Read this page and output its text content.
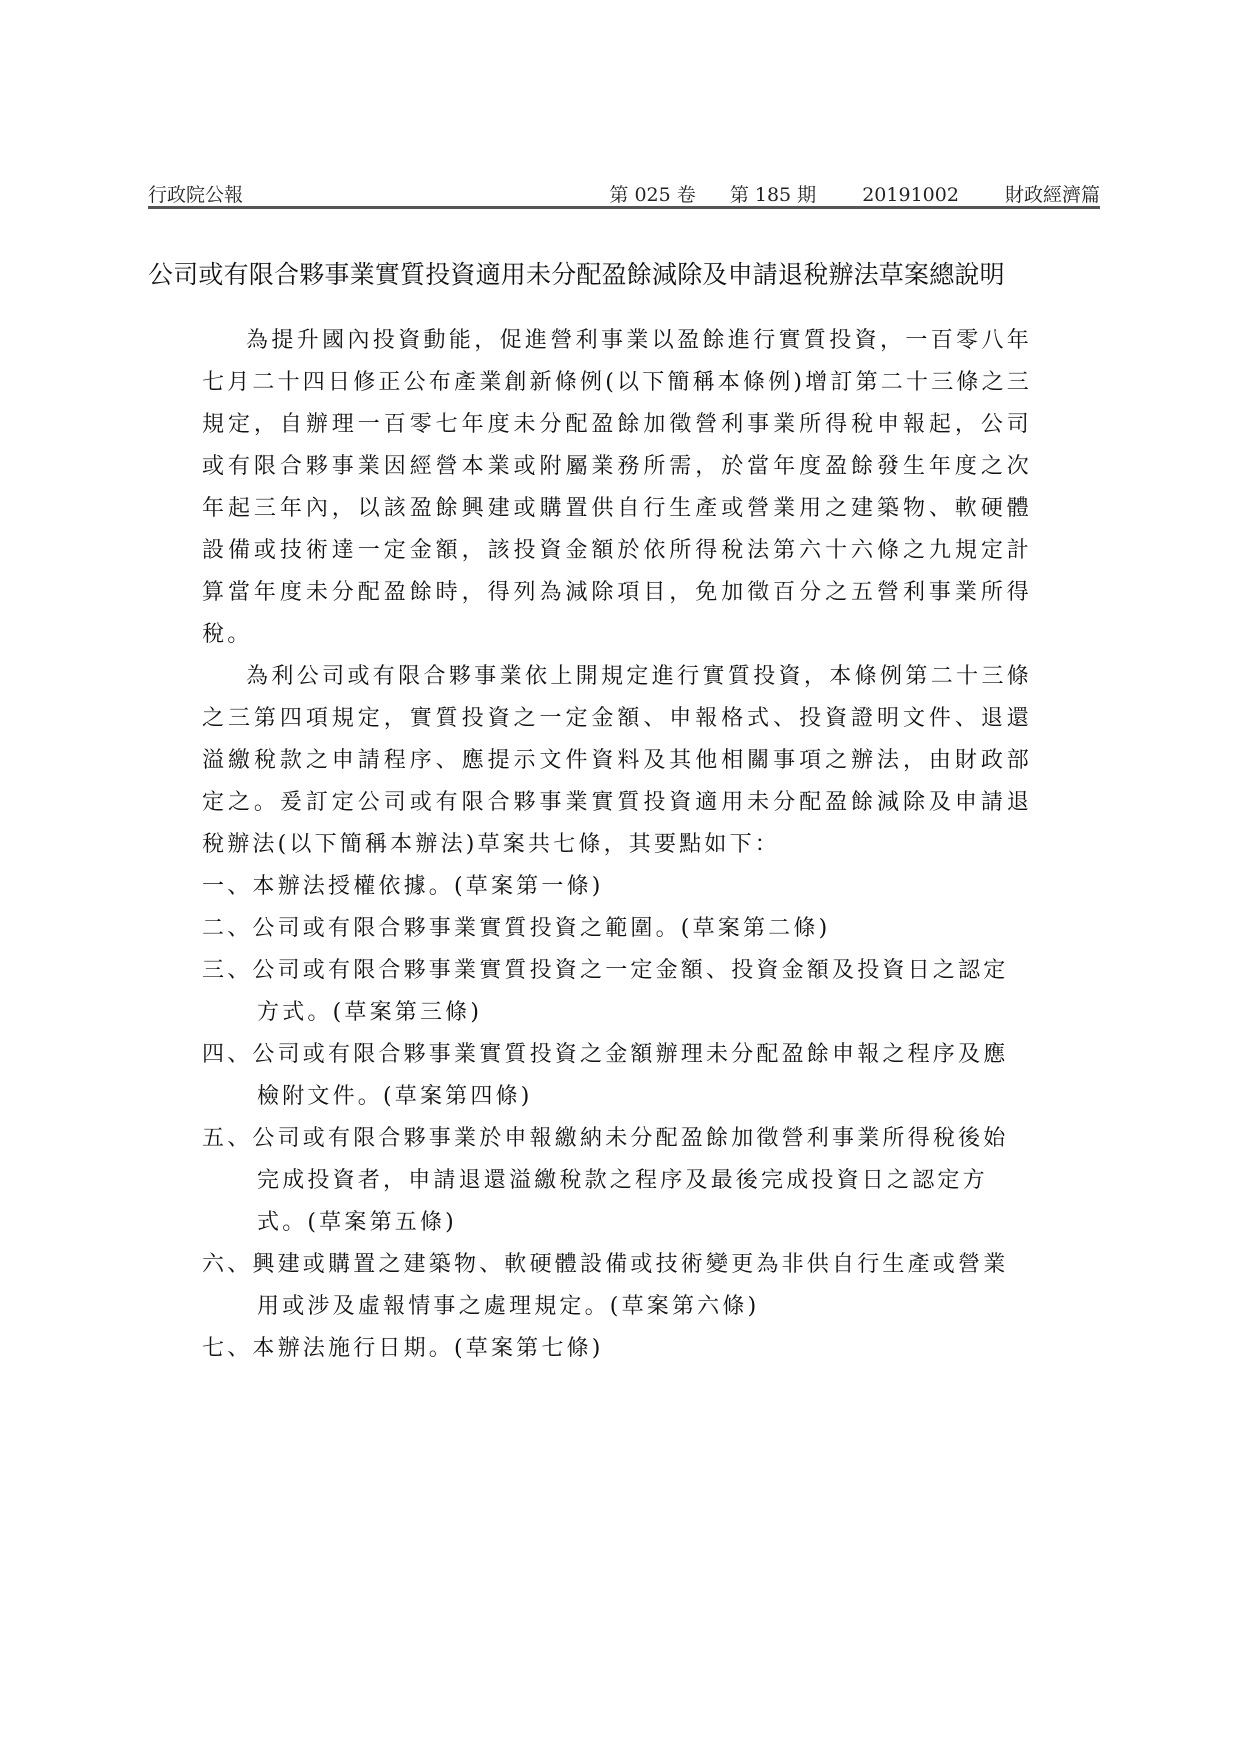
行政院公報	第 025 卷 第 185 期 20191002 財政經濟篇
公司或有限合夥事業實質投資適用未分配盈餘減除及申請退稅辦法草案總說明

為提升國內投資動能，促進營利事業以盈餘進行實質投資，一百零八年七月二十四日修正公布產業創新條例(以下簡稱本條例)增訂第二十三條之三規定，自辦理一百零七年度未分配盈餘加徵營利事業所得稅申報起，公司或有限合夥事業因經營本業或附屬業務所需，於當年度盈餘發生年度之次年起三年內，以該盈餘興建或購置供自行生產或營業用之建築物、軟硬體設備或技術達一定金額，該投資金額於依所得稅法第六十六條之九規定計算當年度未分配盈餘時，得列為減除項目，免加徵百分之五營利事業所得稅。

為利公司或有限合夥事業依上開規定進行實質投資，本條例第二十三條之三第四項規定，實質投資之一定金額、申報格式、投資證明文件、退還溢繳稅款之申請程序、應提示文件資料及其他相關事項之辦法，由財政部定之。爰訂定公司或有限合夥事業實質投資適用未分配盈餘減除及申請退稅辦法(以下簡稱本辦法)草案共七條，其要點如下：

一、本辦法授權依據。(草案第一條)
二、公司或有限合夥事業實質投資之範圍。(草案第二條)
三、公司或有限合夥事業實質投資之一定金額、投資金額及投資日之認定方式。(草案第三條)
四、公司或有限合夥事業實質投資之金額辦理未分配盈餘申報之程序及應檢附文件。(草案第四條)
五、公司或有限合夥事業於申報繳納未分配盈餘加徵營利事業所得稅後始完成投資者，申請退還溢繳稅款之程序及最後完成投資日之認定方式。(草案第五條)
六、興建或購置之建築物、軟硬體設備或技術變更為非供自行生產或營業用或涉及虛報情事之處理規定。(草案第六條)
七、本辦法施行日期。(草案第七條)
